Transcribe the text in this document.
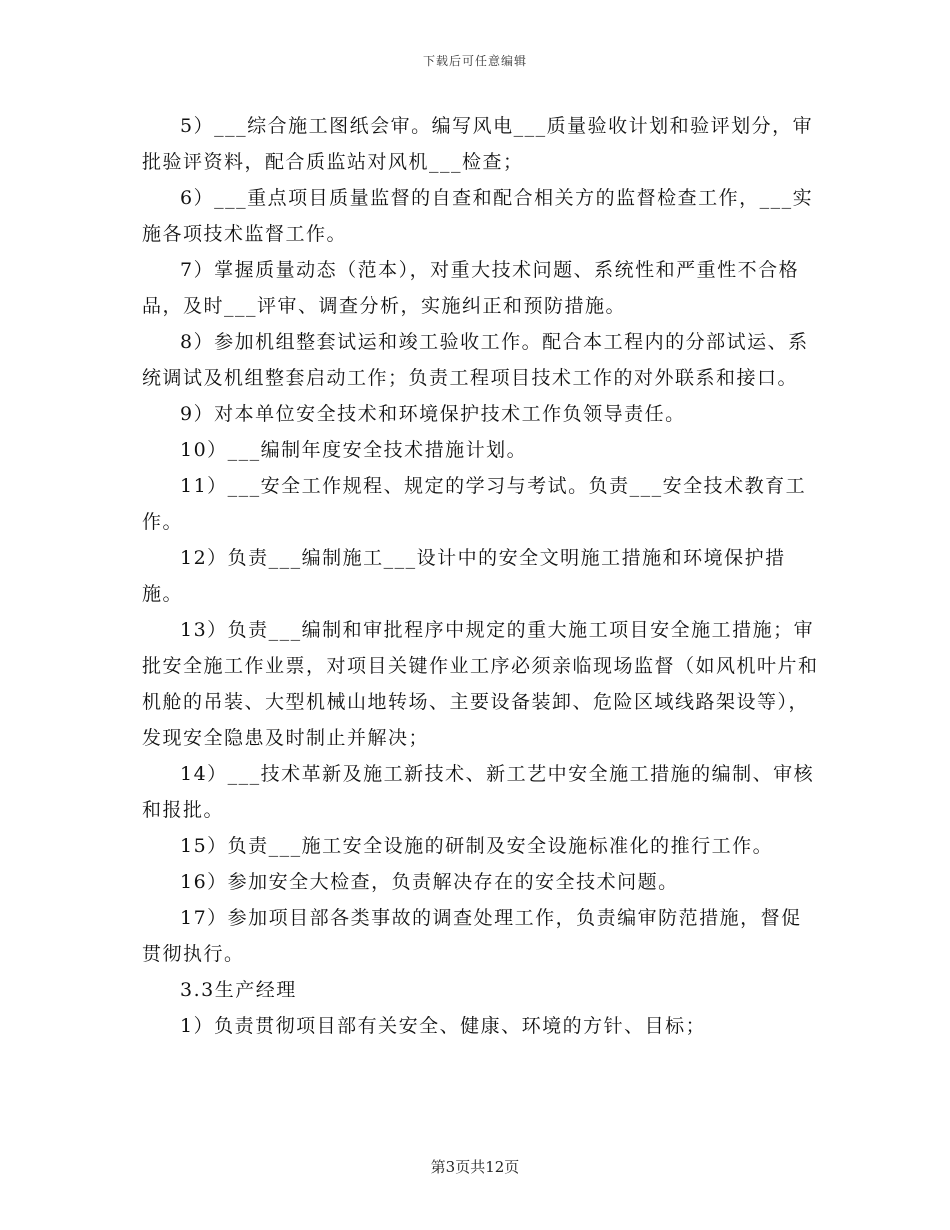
下载后可任意编辑

5）___综合施工图纸会审。编写风电___质量验收计划和验评划分，审批验评资料，配合质监站对风机___检查；

6）___重点项目质量监督的自查和配合相关方的监督检查工作，___实施各项技术监督工作。

7）掌握质量动态（范本），对重大技术问题、系统性和严重性不合格品，及时___评审、调查分析，实施纠正和预防措施。

8）参加机组整套试运和竣工验收工作。配合本工程内的分部试运、系统调试及机组整套启动工作；负责工程项目技术工作的对外联系和接口。

9）对本单位安全技术和环境保护技术工作负领导责任。

10）___编制年度安全技术措施计划。

11）___安全工作规程、规定的学习与考试。负责___安全技术教育工作。

12）负责___编制施工___设计中的安全文明施工措施和环境保护措施。

13）负责___编制和审批程序中规定的重大施工项目安全施工措施；审批安全施工作业票，对项目关键作业工序必须亲临现场监督（如风机叶片和机舱的吊装、大型机械山地转场、主要设备装卸、危险区域线路架设等），发现安全隐患及时制止并解决；

14）___技术革新及施工新技术、新工艺中安全施工措施的编制、审核和报批。

15）负责___施工安全设施的研制及安全设施标准化的推行工作。

16）参加安全大检查，负责解决存在的安全技术问题。

17）参加项目部各类事故的调查处理工作，负责编审防范措施，督促贯彻执行。

3.3生产经理

1）负责贯彻项目部有关安全、健康、环境的方针、目标；

第3页共12页
